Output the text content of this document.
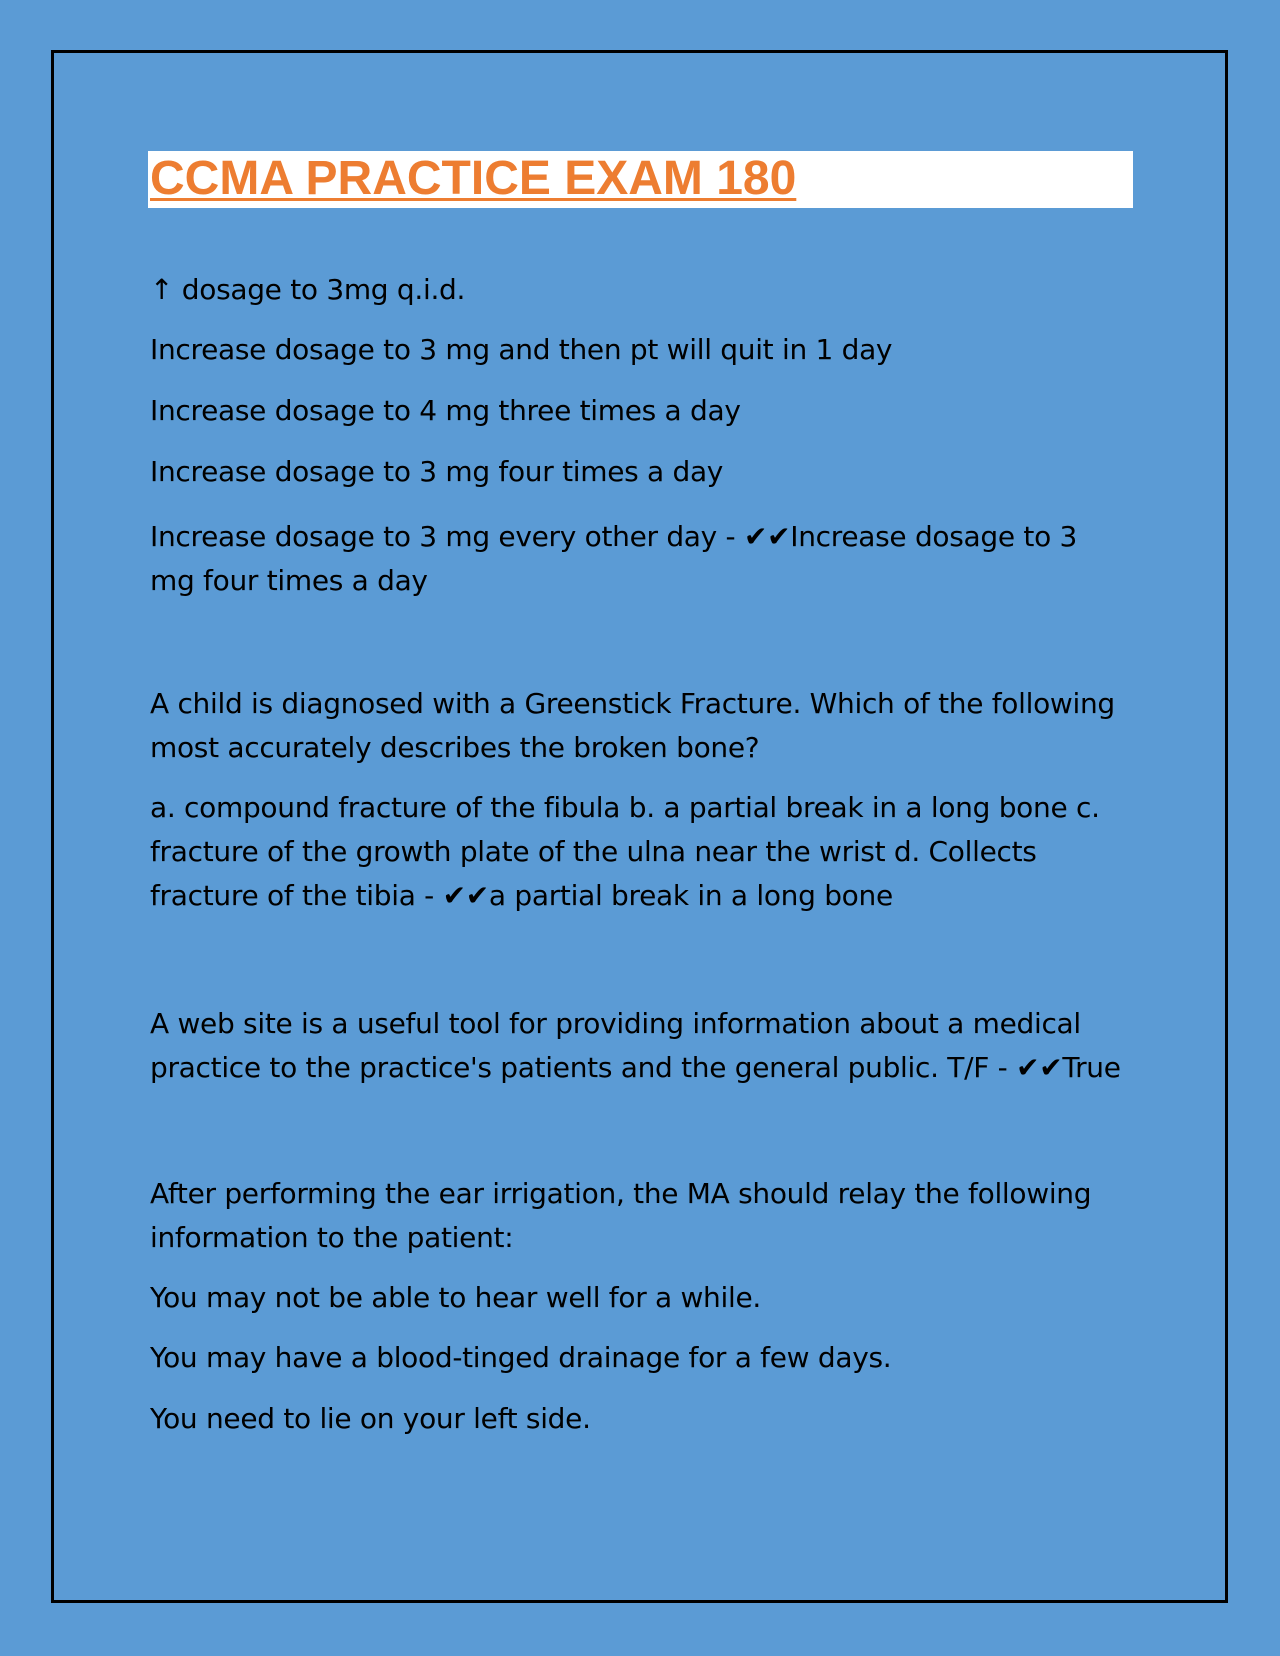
CCMA PRACTICE EXAM 180

↑ dosage to 3mg q.i.d.

Increase dosage to 3 mg and then pt will quit in 1 day

Increase dosage to 4 mg three times a day

Increase dosage to 3 mg four times a day

Increase dosage to 3 mg every other day - ✔✔Increase dosage to 3 mg four times a day

A child is diagnosed with a Greenstick Fracture. Which of the following most accurately describes the broken bone?

a. compound fracture of the fibula b. a partial break in a long bone c. fracture of the growth plate of the ulna near the wrist d. Collects fracture of the tibia - ✔✔a partial break in a long bone

A web site is a useful tool for providing information about a medical practice to the practice's patients and the general public. T/F - ✔✔True

After performing the ear irrigation, the MA should relay the following information to the patient:

You may not be able to hear well for a while.

You may have a blood-tinged drainage for a few days.

You need to lie on your left side.
